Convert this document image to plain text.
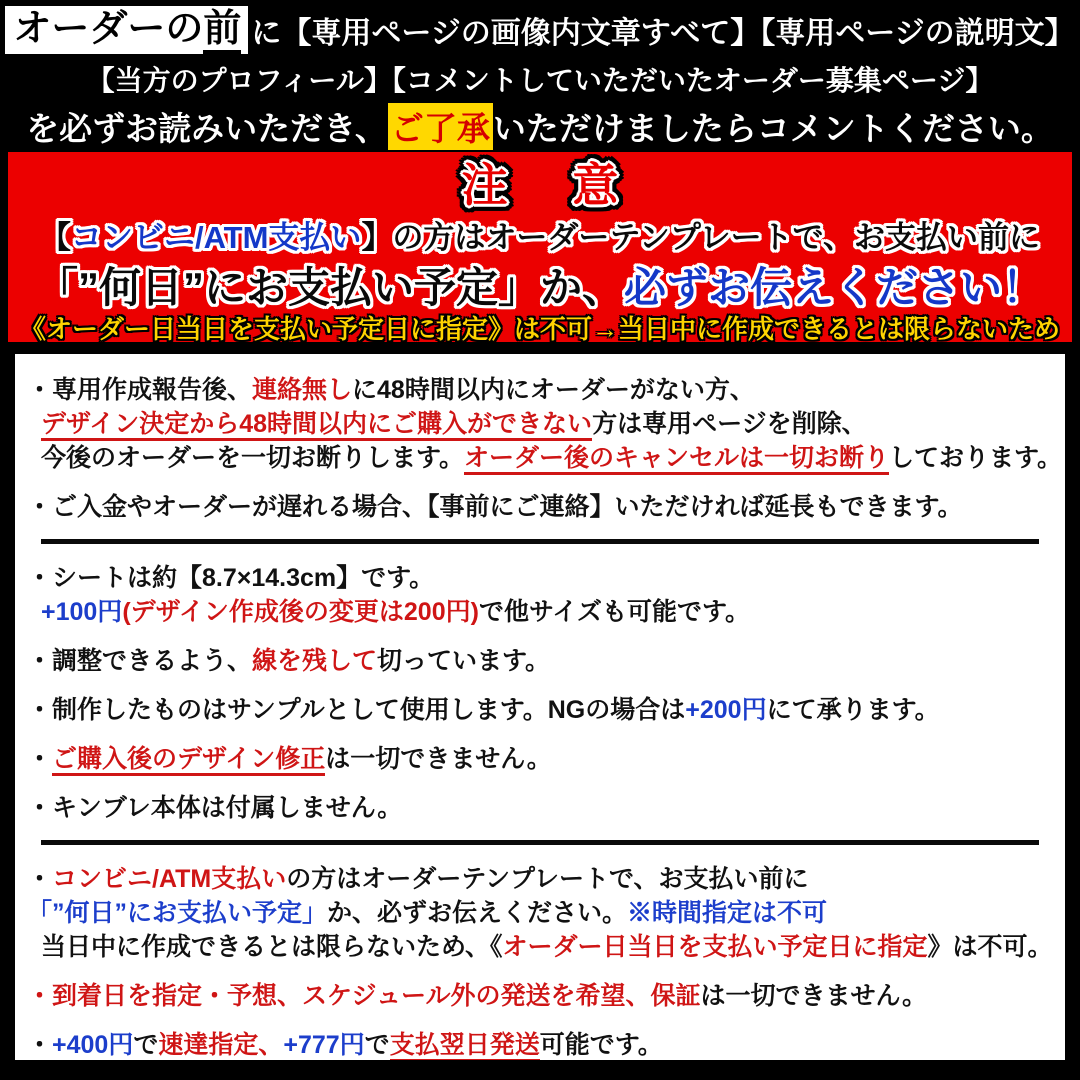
オーダーの前 に【専用ページの画像内文章すべて】【専用ページの説明文】
【当方のプロフィール】【コメントしていただいたオーダー募集ページ】
を必ずお読みいただき、 ご了承 いただけましたらコメントください。
注 意
【コンビニ/ATM支払い】の方はオーダーテンプレートで、お支払い前に
「”何日”にお支払い予定」か、必ずお伝えください！
《オーダー日当日を支払い予定日に指定》は不可→当日中に作成できるとは限らないため
・専用作成報告後、連絡無しに48時間以内にオーダーがない方、
デザイン決定から48時間以内にご購入ができない方は専用ページを削除、
今後のオーダーを一切お断りします。オーダー後のキャンセルは一切お断りしております。
・ご入金やオーダーが遅れる場合、【事前にご連絡】いただければ延長もできます。
・シートは約【8.7×14.3cm】です。
+100円(デザイン作成後の変更は200円)で他サイズも可能です。
・調整できるよう、線を残して切っています。
・制作したものはサンプルとして使用します。NGの場合は+200円にて承ります。
・ご購入後のデザイン修正は一切できません。
・キンブレ本体は付属しません。
・コンビニ/ATM支払いの方はオーダーテンプレートで、お支払い前に
「”何日”にお支払い予定」か、必ずお伝えください。※時間指定は不可
当日中に作成できるとは限らないため、《オーダー日当日を支払い予定日に指定》は不可。
・到着日を指定・予想、スケジュール外の発送を希望、保証は一切できません。
・+400円で速達指定、+777円で支払翌日発送可能です。
